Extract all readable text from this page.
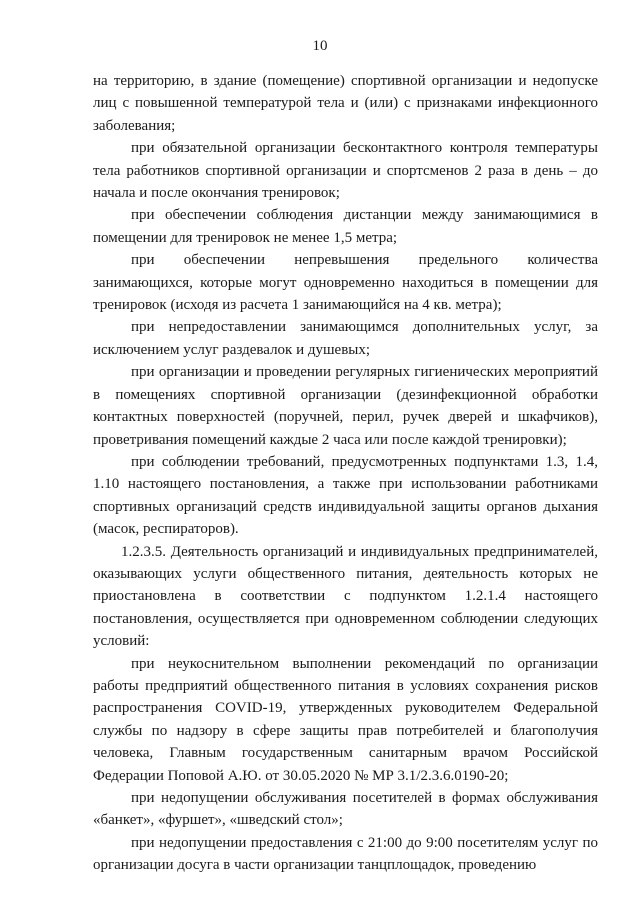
10

на территорию, в здание (помещение) спортивной организации и недопуске лиц с повышенной температурой тела и (или) с признаками инфекционного заболевания;

при обязательной организации бесконтактного контроля температуры тела работников спортивной организации и спортсменов 2 раза в день – до начала и после окончания тренировок;

при обеспечении соблюдения дистанции между занимающимися в помещении для тренировок не менее 1,5 метра;

при обеспечении непревышения предельного количества занимающихся, которые могут одновременно находиться в помещении для тренировок (исходя из расчета 1 занимающийся на 4 кв. метра);

при непредоставлении занимающимся дополнительных услуг, за исключением услуг раздевалок и душевых;

при организации и проведении регулярных гигиенических мероприятий в помещениях спортивной организации (дезинфекционной обработки контактных поверхностей (поручней, перил, ручек дверей и шкафчиков), проветривания помещений каждые 2 часа или после каждой тренировки);

при соблюдении требований, предусмотренных подпунктами 1.3, 1.4, 1.10 настоящего постановления, а также при использовании работниками спортивных организаций средств индивидуальной защиты органов дыхания (масок, респираторов).

1.2.3.5. Деятельность организаций и индивидуальных предпринимателей, оказывающих услуги общественного питания, деятельность которых не приостановлена в соответствии с подпунктом 1.2.1.4 настоящего постановления, осуществляется при одновременном соблюдении следующих условий:

при неукоснительном выполнении рекомендаций по организации работы предприятий общественного питания в условиях сохранения рисков распространения COVID-19, утвержденных руководителем Федеральной службы по надзору в сфере защиты прав потребителей и благополучия человека, Главным государственным санитарным врачом Российской Федерации Поповой А.Ю. от 30.05.2020 № МР 3.1/2.3.6.0190-20;

при недопущении обслуживания посетителей в формах обслуживания «банкет», «фуршет», «шведский стол»;

при недопущении предоставления с 21:00 до 9:00 посетителям услуг по организации досуга в части организации танцплощадок, проведению
